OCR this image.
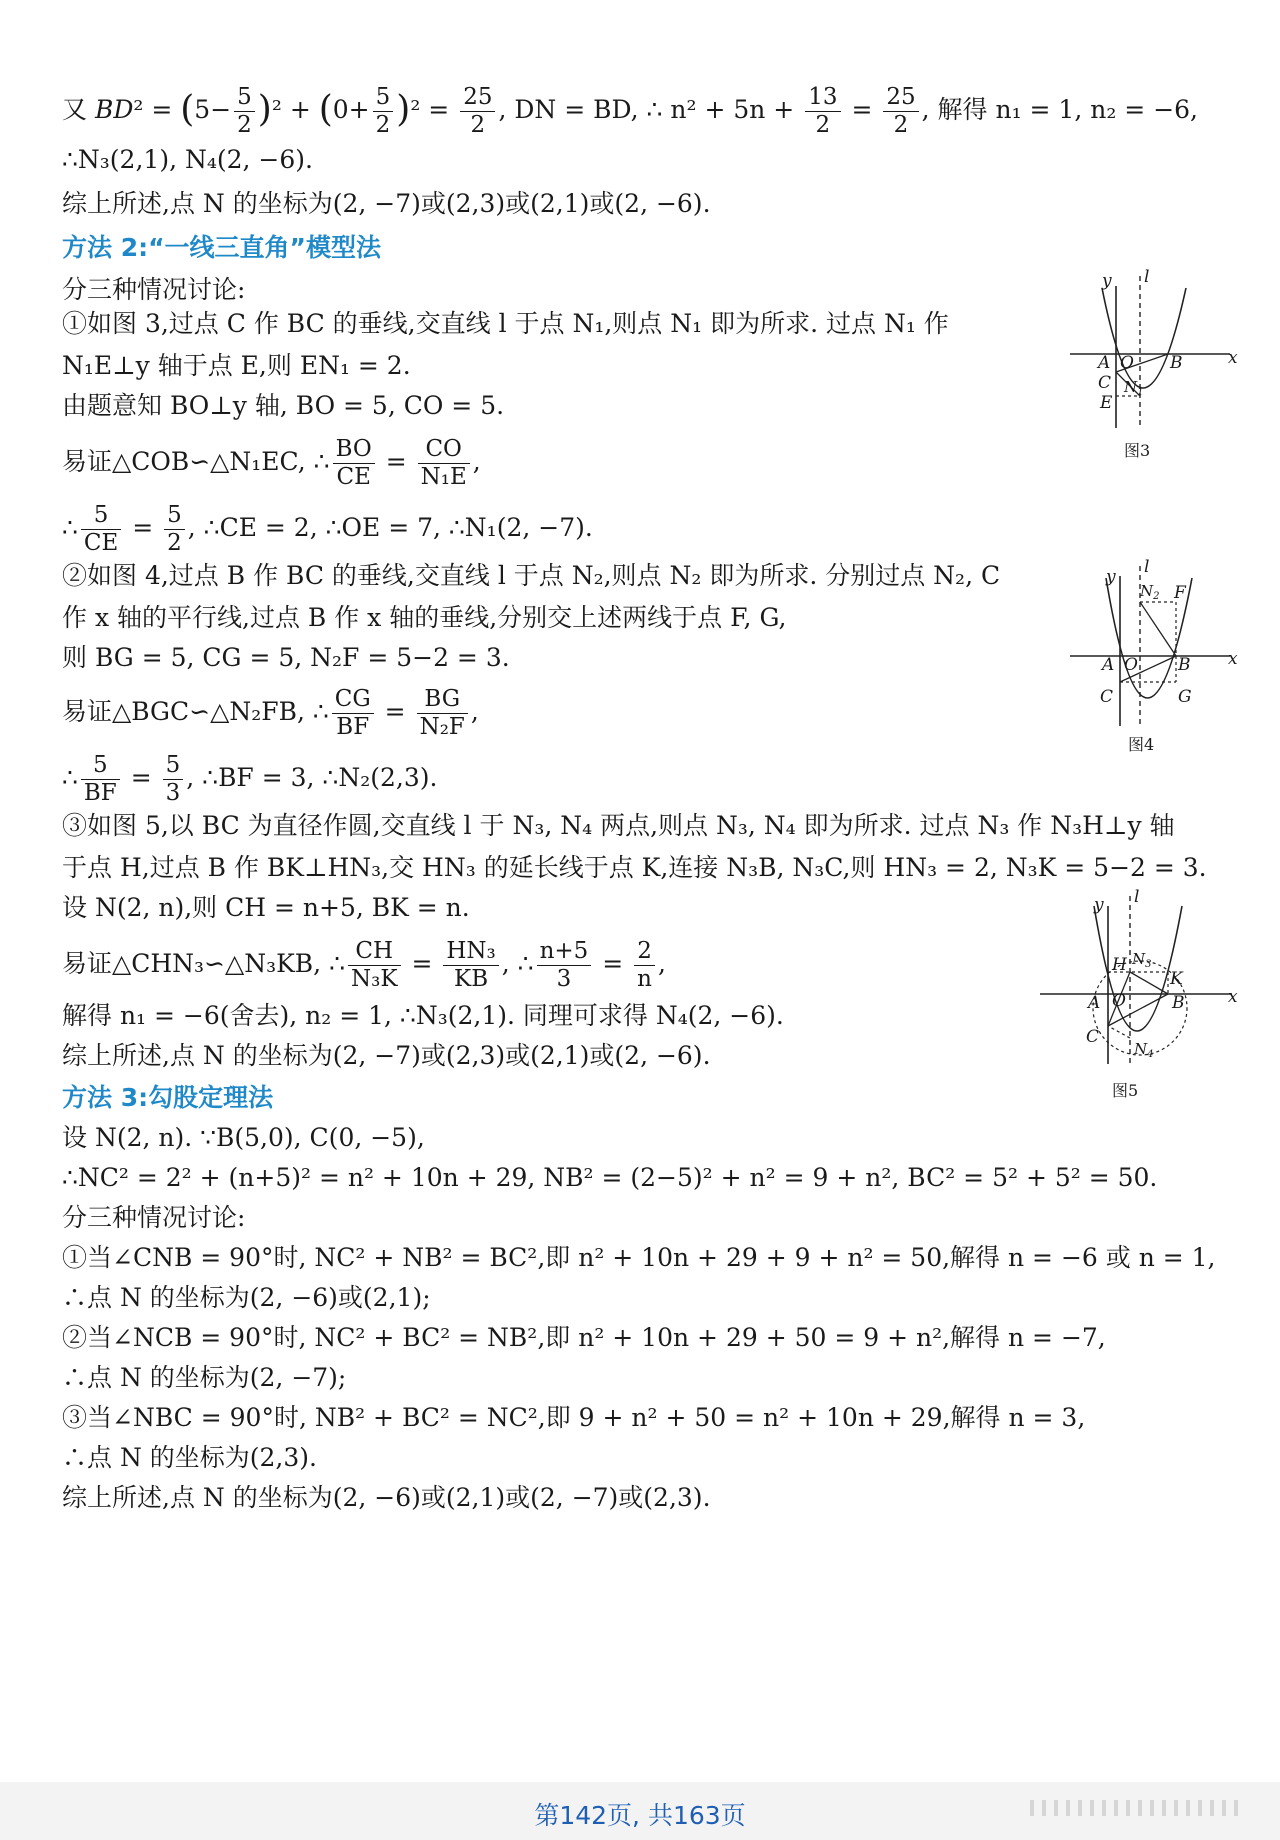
又 $BD^2 = (5- \frac{5}{2} )^2 + (0+ \frac{5}{2} )^2 = \frac{25}{2}$ , DN = BD, ∴ $n^2 + 5n + \frac{13}{2} = \frac{25}{2}$ , 解得 n₁ = 1, n₂ = −6,
∴N₃(2,1), N₄(2, −6).
综上所述,点 N 的坐标为(2, −7)或(2,3)或(2,1)或(2, −6).
方法 2:“一线三直角”模型法
分三种情况讨论:
①如图 3,过点 C 作 BC 的垂线,交直线 l 于点 N₁,则点 N₁ 即为所求. 过点 N₁ 作
N₁E⊥y 轴于点 E,则 EN₁ = 2.
由题意知 BO⊥y 轴, BO = 5, CO = 5.
易证△COB∽△N₁EC, ∴ $\frac{BO}{CE} = \frac{CO}{\text{N₁E}}$ ,
∴ $\frac{5}{CE} = \frac{5}{2}$ , ∴CE = 2, ∴OE = 7, ∴N₁(2, −7).
②如图 4,过点 B 作 BC 的垂线,交直线 l 于点 N₂,则点 N₂ 即为所求. 分别过点 N₂, C
作 x 轴的平行线,过点 B 作 x 轴的垂线,分别交上述两线于点 F, G,
则 BG = 5, CG = 5, N₂F = 5−2 = 3.
易证△BGC∽△N₂FB, ∴ $\frac{CG}{BF} = \frac{BG}{\text{N₂F}}$ ,
∴ $\frac{5}{BF} = \frac{5}{3}$ , ∴BF = 3, ∴N₂(2,3).
③如图 5,以 BC 为直径作圆,交直线 l 于 N₃, N₄ 两点,则点 N₃, N₄ 即为所求. 过点 N₃ 作 N₃H⊥y 轴
于点 H,过点 B 作 BK⊥HN₃,交 HN₃ 的延长线于点 K,连接 N₃B, N₃C,则 HN₃ = 2, N₃K = 5−2 = 3.
设 N(2, n),则 CH = n+5, BK = n.
易证△CHN₃∽△N₃KB, ∴ $\frac{CH}{\text{N₃K}} = \frac{\text{HN₃}}{KB}$ , ∴ $\frac{n+5}{3} = \frac{2}{n}$ ,
解得 n₁ = −6(舍去), n₂ = 1, ∴N₃(2,1). 同理可求得 N₄(2, −6).
综上所述,点 N 的坐标为(2, −7)或(2,3)或(2,1)或(2, −6).
方法 3:勾股定理法
设 N(2, n). ∵B(5,0), C(0, −5),
∴NC² = 2² + (n+5)² = n² + 10n + 29, NB² = (2−5)² + n² = 9 + n², BC² = 5² + 5² = 50.
分三种情况讨论:
①当∠CNB = 90°时, NC² + NB² = BC²,即 n² + 10n + 29 + 9 + n² = 50,解得 n = −6 或 n = 1,
∴点 N 的坐标为(2, −6)或(2,1);
②当∠NCB = 90°时, NC² + BC² = NB²,即 n² + 10n + 29 + 50 = 9 + n²,解得 n = −7,
∴点 N 的坐标为(2, −7);
③当∠NBC = 90°时, NB² + BC² = NC²,即 9 + n² + 50 = n² + 10n + 29,解得 n = 3,
∴点 N 的坐标为(2,3).
综上所述,点 N 的坐标为(2, −6)或(2,1)或(2, −7)或(2,3).
y l
x
A O B
C $N_1$
E
图3
y l
x
A O B
C	G
$N_2$ F
图4
y l
x
A O	B
K
H $N_3$
C
$N_4$
图5
第142页, 共163页
